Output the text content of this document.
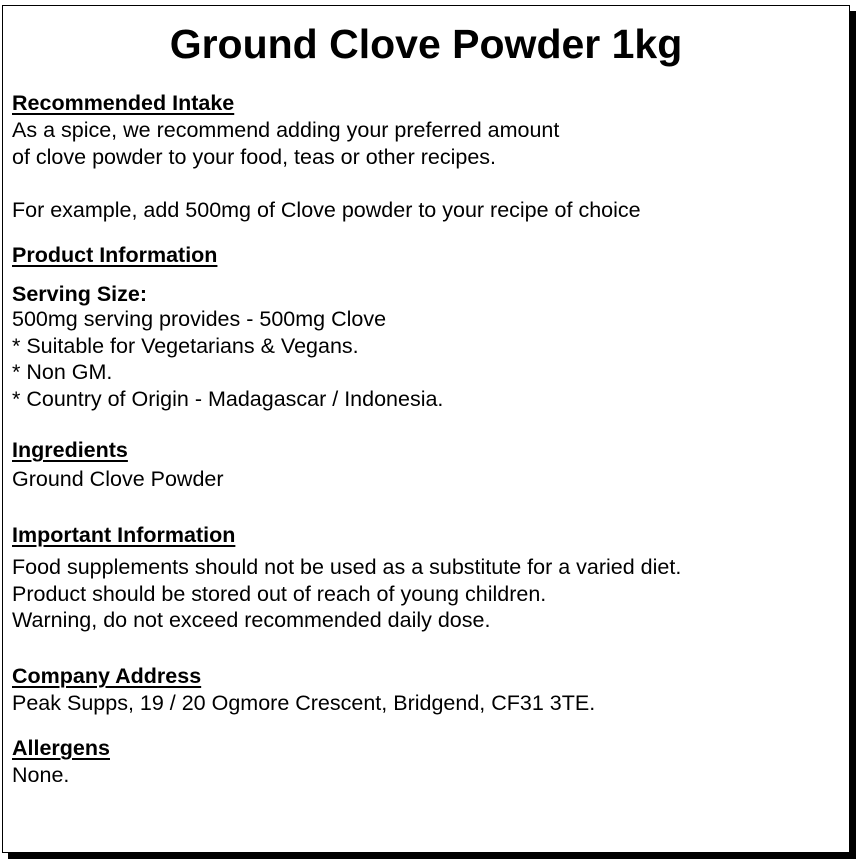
Ground Clove Powder 1kg
Recommended Intake
As a spice, we recommend adding your preferred amount
of clove powder to your food, teas or other recipes.
For example, add 500mg of Clove powder to your recipe of choice
Product Information
Serving Size:
500mg serving provides - 500mg Clove
* Suitable for Vegetarians & Vegans.
* Non GM.
* Country of Origin - Madagascar / Indonesia.
Ingredients
Ground Clove Powder
Important Information
Food supplements should not be used as a substitute for a varied diet.
Product should be stored out of reach of young children.
Warning, do not exceed recommended daily dose.
Company Address
Peak Supps, 19 / 20 Ogmore Crescent, Bridgend, CF31 3TE.
Allergens
None.
